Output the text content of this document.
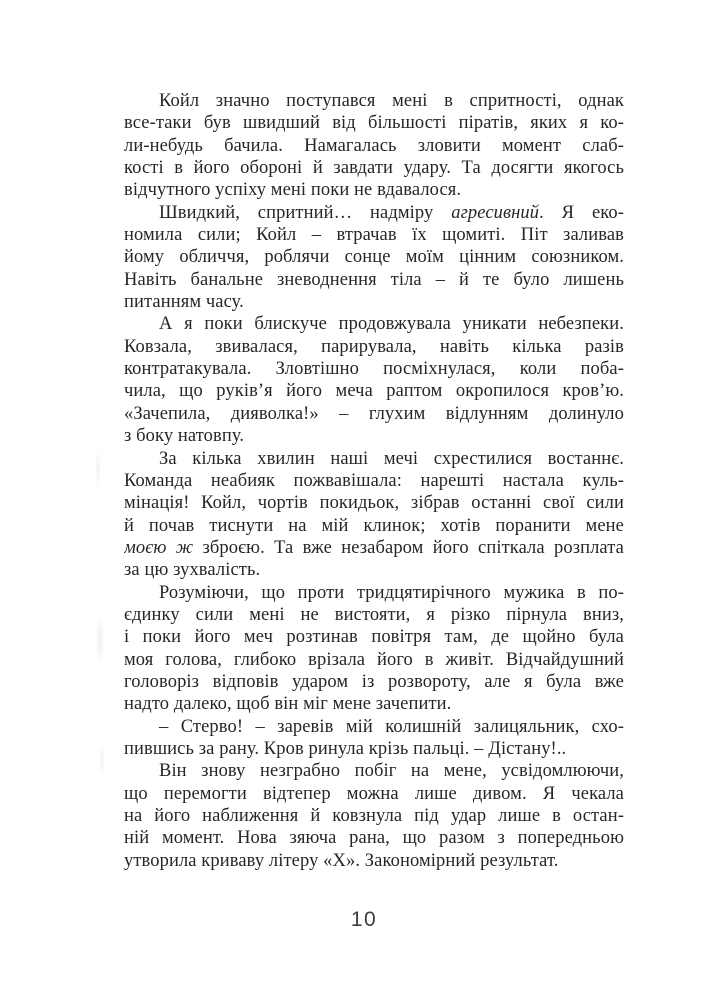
Койл значно поступався мені в спритності, однак
все-таки був швидший від більшості піратів, яких я ко-
ли-небудь бачила. Намагалась зловити момент слаб-
кості в його обороні й завдати удару. Та досягти якогось
відчутного успіху мені поки не вдавалося.
Швидкий, спритний… надміру агресивний. Я еко-
номила сили; Койл – втрачав їх щомиті. Піт заливав
йому обличчя, роблячи сонце моїм цінним союзником.
Навіть банальне зневоднення тіла – й те було лишень
питанням часу.
А я поки блискуче продовжувала уникати небезпеки.
Ковзала, звивалася, парирувала, навіть кілька разів
контратакувала. Зловтішно посміхнулася, коли поба-
чила, що руків’я його меча раптом окропилося кров’ю.
«Зачепила, дияволка!» – глухим відлунням долинуло
з боку натовпу.
За кілька хвилин наші мечі схрестилися востаннє.
Команда неабияк пожвавішала: нарешті настала куль-
мінація! Койл, чортів покидьок, зібрав останні свої сили
й почав тиснути на мій клинок; хотів поранити мене
моєю ж зброєю. Та вже незабаром його спіткала розплата
за цю зухвалість.
Розуміючи, що проти тридцятирічного мужика в по-
єдинку сили мені не вистояти, я різко пірнула вниз,
і поки його меч розтинав повітря там, де щойно була
моя голова, глибоко врізала його в живіт. Відчайдушний
головоріз відповів ударом із розвороту, але я була вже
надто далеко, щоб він міг мене зачепити.
– Стерво! – заревів мій колишній залицяльник, схо-
пившись за рану. Кров ринула крізь пальці. – Дістану!..
Він знову незграбно побіг на мене, усвідомлюючи,
що перемогти відтепер можна лише дивом. Я чекала
на його наближення й ковзнула під удар лише в остан-
ній момент. Нова зяюча рана, що разом з попередньою
утворила криваву літеру «Х». Закономірний результат.
10
